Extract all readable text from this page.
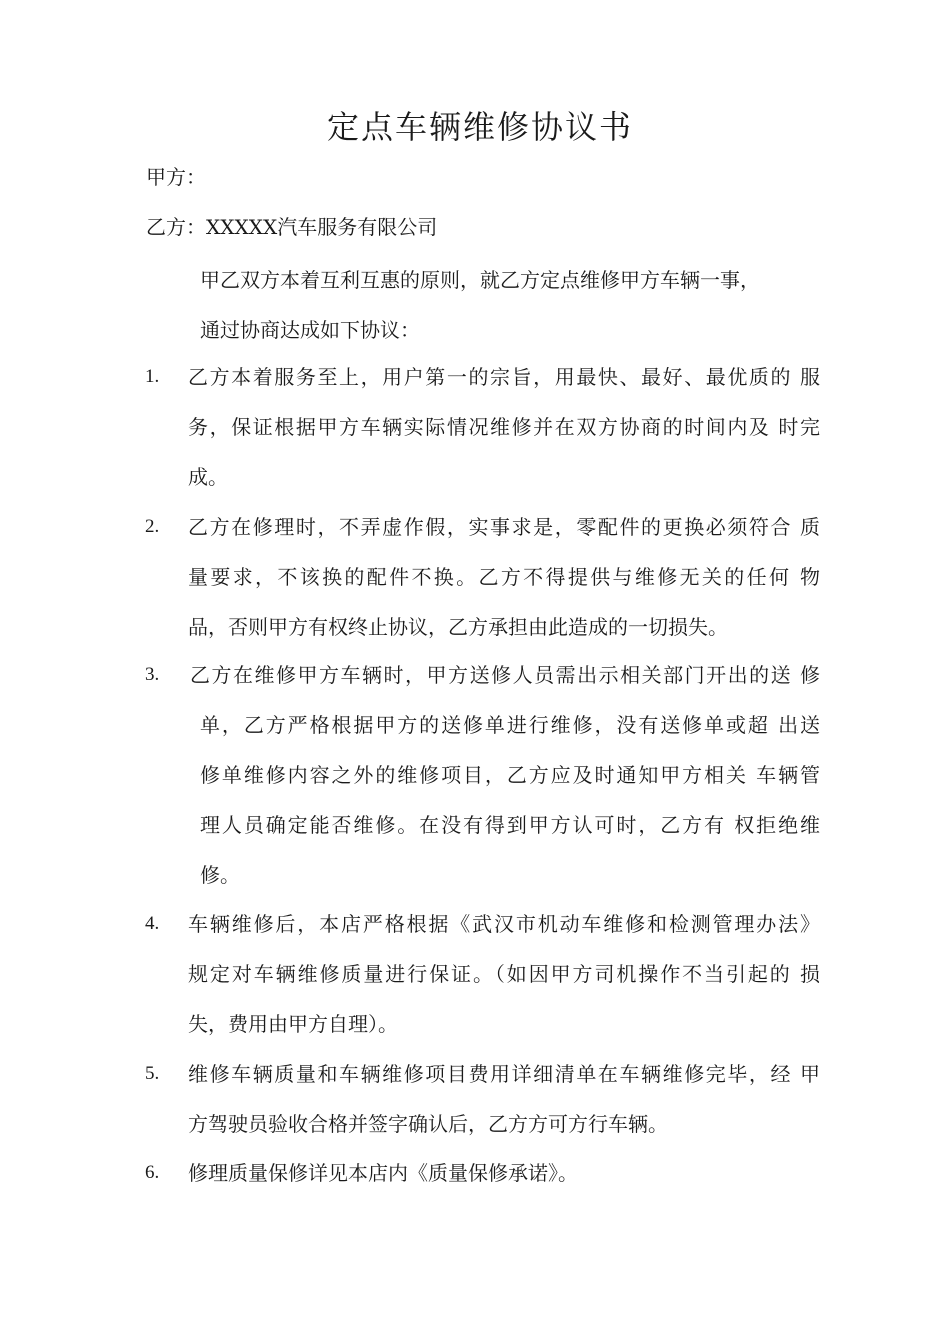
定点车辆维修协议书
甲方：
乙方：XXXXX汽车服务有限公司
甲乙双方本着互利互惠的原则，就乙方定点维修甲方车辆一事，
通过协商达成如下协议：
1. 乙方本着服务至上，用户第一的宗旨，用最快、最好、最优质的 服
务，保证根据甲方车辆实际情况维修并在双方协商的时间内及 时完
成。
2. 乙方在修理时，不弄虚作假，实事求是，零配件的更换必须符合 质
量要求，不该换的配件不换。乙方不得提供与维修无关的任何 物
品，否则甲方有权终止协议，乙方承担由此造成的一切损失。
3. 乙方在维修甲方车辆时，甲方送修人员需出示相关部门开出的送 修
单，乙方严格根据甲方的送修单进行维修，没有送修单或超 出送
修单维修内容之外的维修项目，乙方应及时通知甲方相关 车辆管
理人员确定能否维修。在没有得到甲方认可时，乙方有 权拒绝维
修。
4. 车辆维修后，本店严格根据《武汉市机动车维修和检测管理办法》
规定对车辆维修质量进行保证。（如因甲方司机操作不当引起的 损
失，费用由甲方自理）。
5. 维修车辆质量和车辆维修项目费用详细清单在车辆维修完毕，经 甲
方驾驶员验收合格并签字确认后，乙方方可方行车辆。
6. 修理质量保修详见本店内《质量保修承诺》。
